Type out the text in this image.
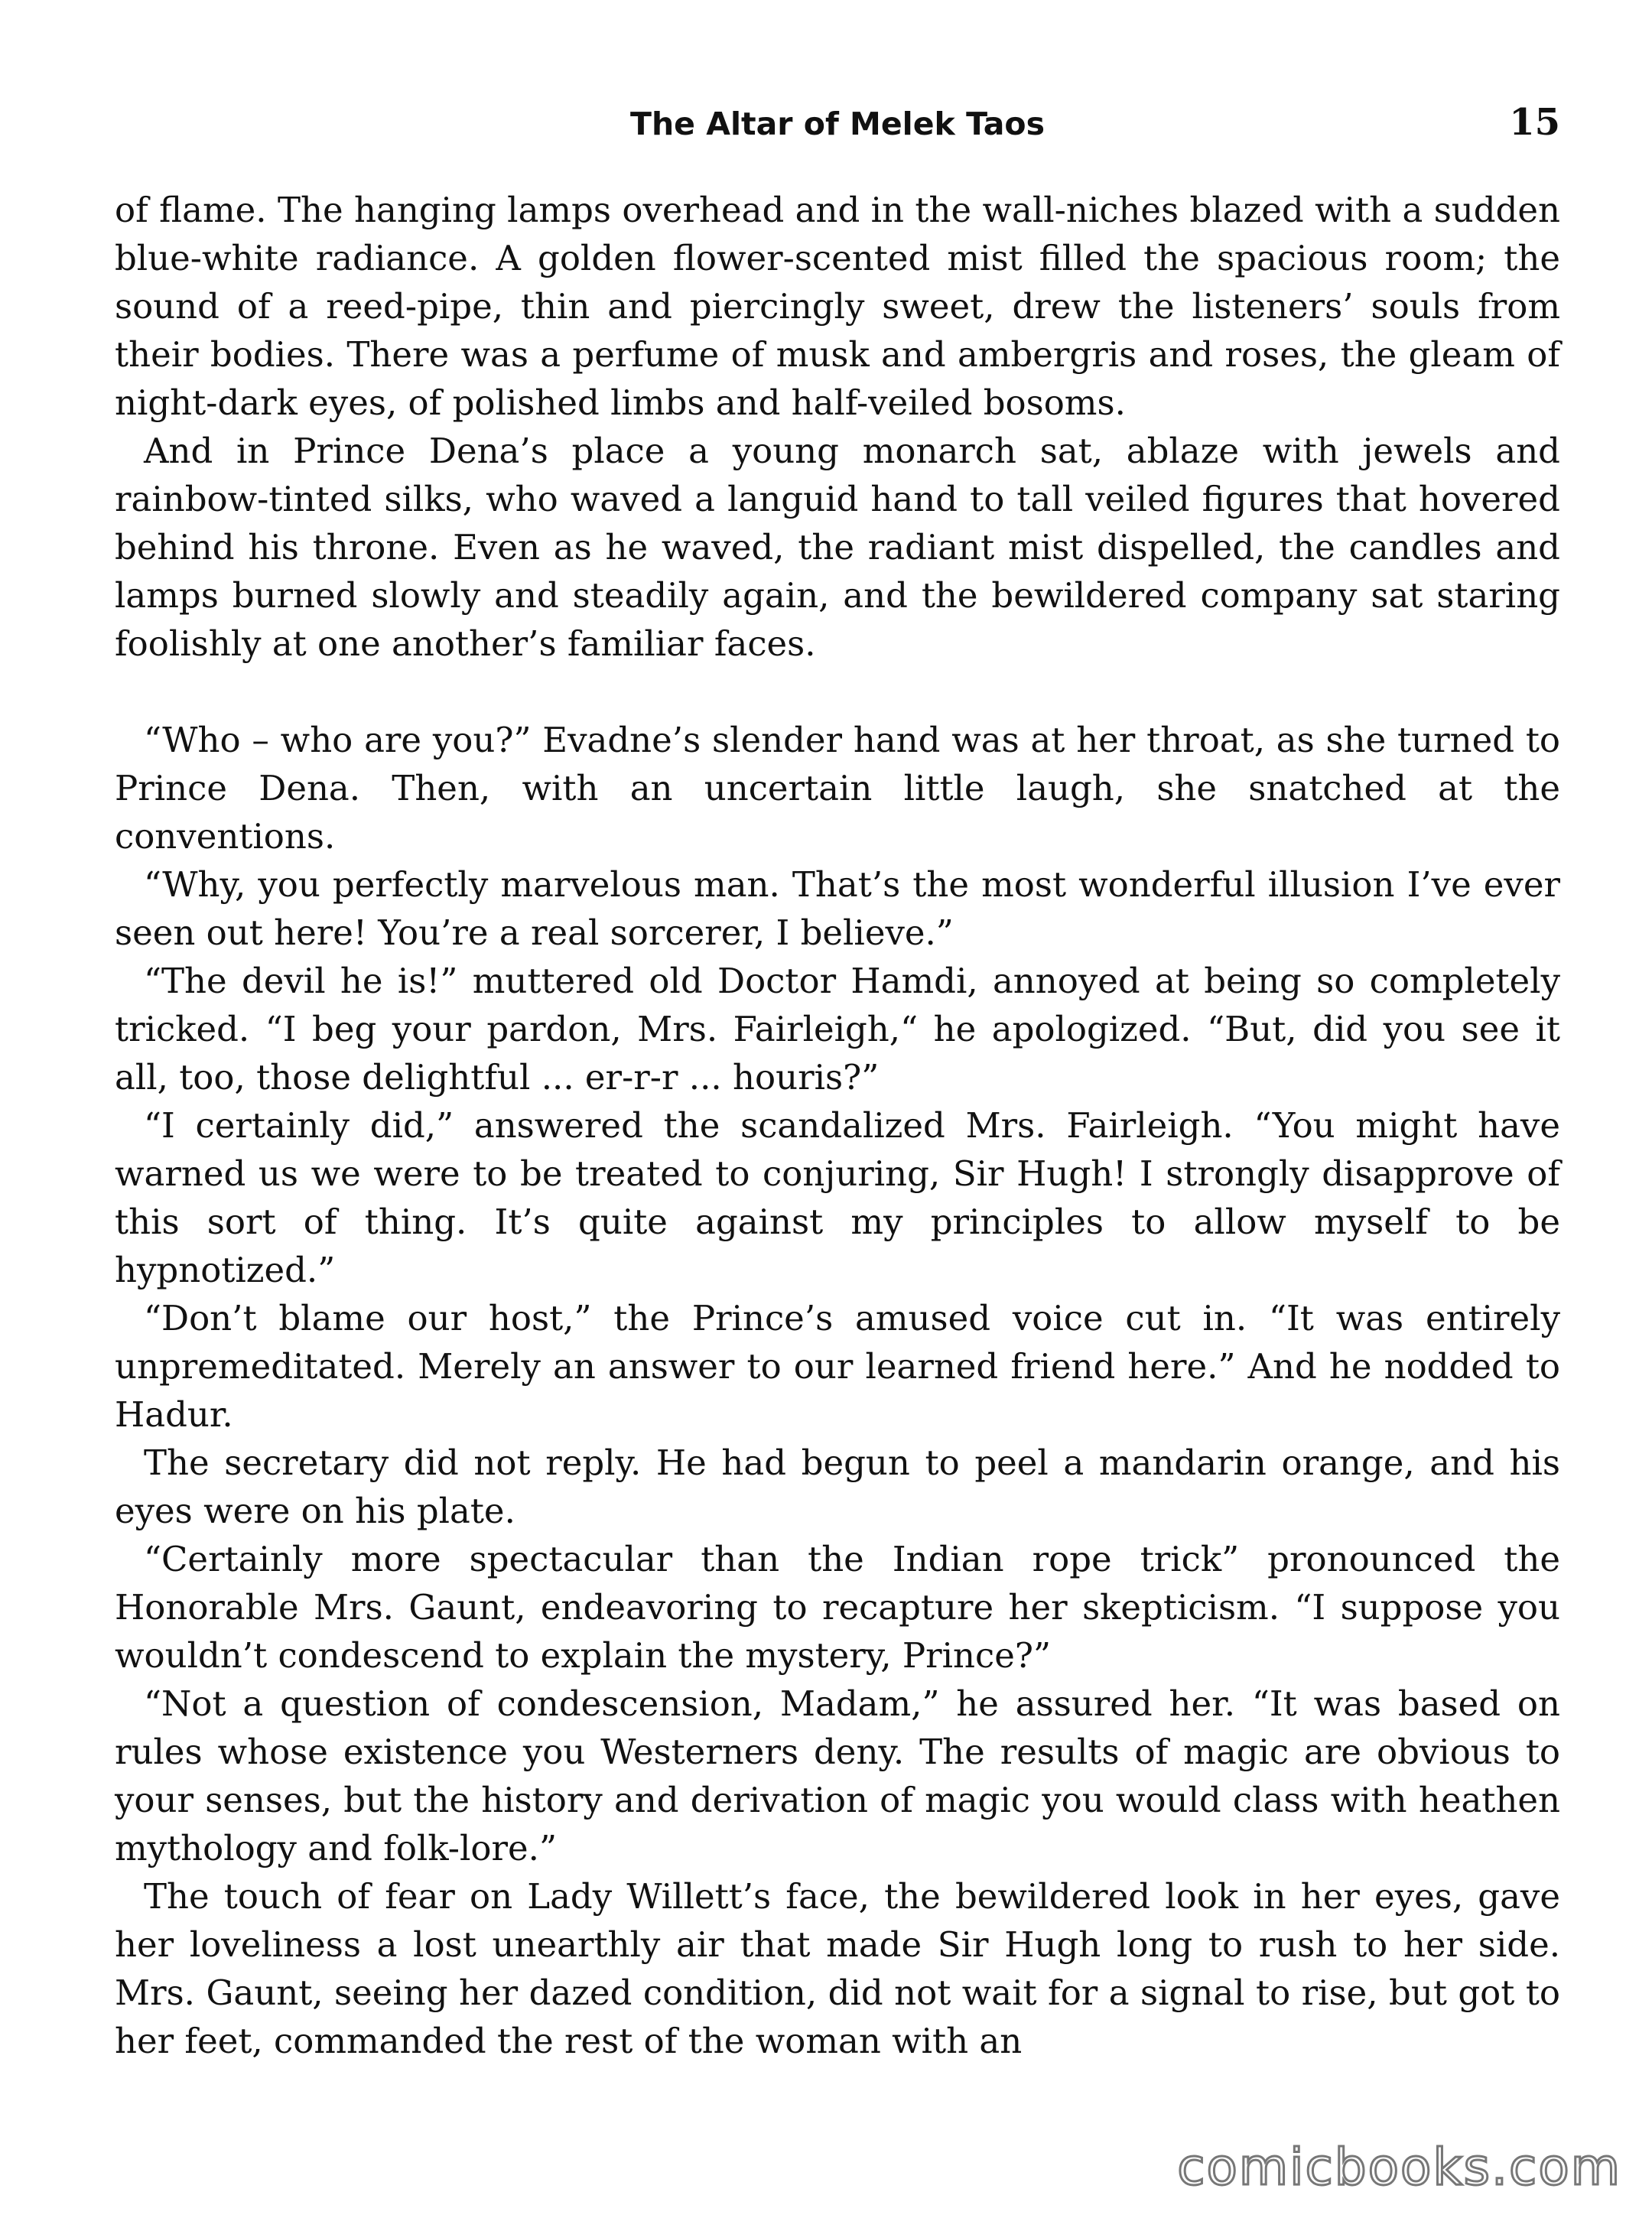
The Altar of Melek Taos	15

of flame. The hanging lamps overhead and in the wall-niches blazed with a sudden blue-white radiance. A golden flower-scented mist filled the spacious room; the sound of a reed-pipe, thin and piercingly sweet, drew the listeners’ souls from their bodies. There was a perfume of musk and ambergris and roses, the gleam of night-dark eyes, of polished limbs and half-veiled bosoms.

And in Prince Dena’s place a young monarch sat, ablaze with jewels and rainbow-tinted silks, who waved a languid hand to tall veiled figures that hovered behind his throne. Even as he waved, the radiant mist dispelled, the candles and lamps burned slowly and steadily again, and the bewildered company sat staring foolishly at one another’s familiar faces.

“Who – who are you?” Evadne’s slender hand was at her throat, as she turned to Prince Dena. Then, with an uncertain little laugh, she snatched at the conventions.

“Why, you perfectly marvelous man. That’s the most wonderful illusion I’ve ever seen out here! You’re a real sorcerer, I believe.”

“The devil he is!” muttered old Doctor Hamdi, annoyed at being so completely tricked. “I beg your pardon, Mrs. Fairleigh,“ he apologized. “But, did you see it all, too, those delightful ... er-r-r ... houris?”

“I certainly did,” answered the scandalized Mrs. Fairleigh. “You might have warned us we were to be treated to conjuring, Sir Hugh! I strongly disapprove of this sort of thing. It’s quite against my principles to allow myself to be hypnotized.”

“Don’t blame our host,” the Prince’s amused voice cut in. “It was entirely unpremeditated. Merely an answer to our learned friend here.” And he nodded to Hadur.

The secretary did not reply. He had begun to peel a mandarin orange, and his eyes were on his plate.

“Certainly more spectacular than the Indian rope trick” pronounced the Honorable Mrs. Gaunt, endeavoring to recapture her skepticism. “I suppose you wouldn’t condescend to explain the mystery, Prince?”

“Not a question of condescension, Madam,” he assured her. “It was based on rules whose existence you Westerners deny. The results of magic are obvious to your senses, but the history and derivation of magic you would class with heathen mythology and folk-lore.”

The touch of fear on Lady Willett’s face, the bewildered look in her eyes, gave her loveliness a lost unearthly air that made Sir Hugh long to rush to her side. Mrs. Gaunt, seeing her dazed condition, did not wait for a signal to rise, but got to her feet, commanded the rest of the woman with an

comicbooks.com
